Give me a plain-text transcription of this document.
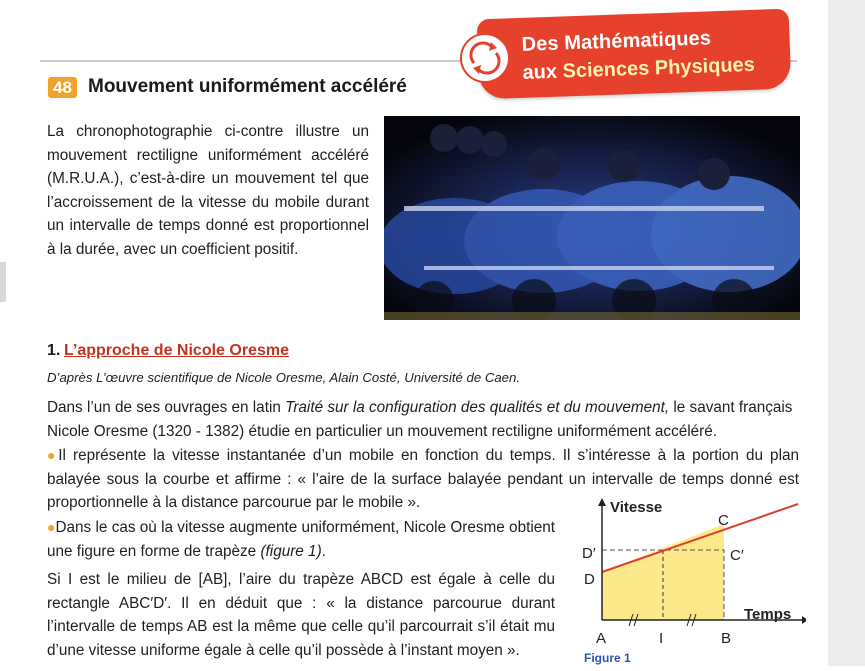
Des Mathématiques
aux Sciences Physiques
48 Mouvement uniformément accéléré

La chronophotographie ci-contre illustre un mouvement rectiligne uniformément accéléré (M.R.U.A.), c’est-à-dire un mouvement tel que l’accroissement de la vitesse du mobile durant un intervalle de temps donné est proportionnel à la durée, avec un coefficient positif.

1. L’approche de Nicole Oresme
D’après L’œuvre scientifique de Nicole Oresme, Alain Costé, Université de Caen.

Dans l’un de ses ouvrages en latin Traité sur la configuration des qualités et du mouvement, le savant français Nicole Oresme (1320 - 1382) étudie en particulier un mouvement rectiligne uniformément accéléré.

●Il représente la vitesse instantanée d’un mobile en fonction du temps. Il s’intéresse à la portion du plan balayée sous la courbe et affirme : « l’aire de la surface balayée pendant un intervalle de temps donné est proportionnelle à la distance parcourue par le mobile ».

●Dans le cas où la vitesse augmente uniformément, Nicole Oresme obtient une figure en forme de trapèze (figure 1).

Si I est le milieu de [AB], l’aire du trapèze ABCD est égale à celle du rectangle ABC′D′. Il en déduit que : « la distance parcourue durant l’intervalle de temps AB est la même que celle qu’il parcourrait s’il était mu d’une vitesse uniforme égale à celle qu’il possède à l’instant moyen ».

Vitesse
Temps
A	I	B
C
C′
D′
D
Figure 1
